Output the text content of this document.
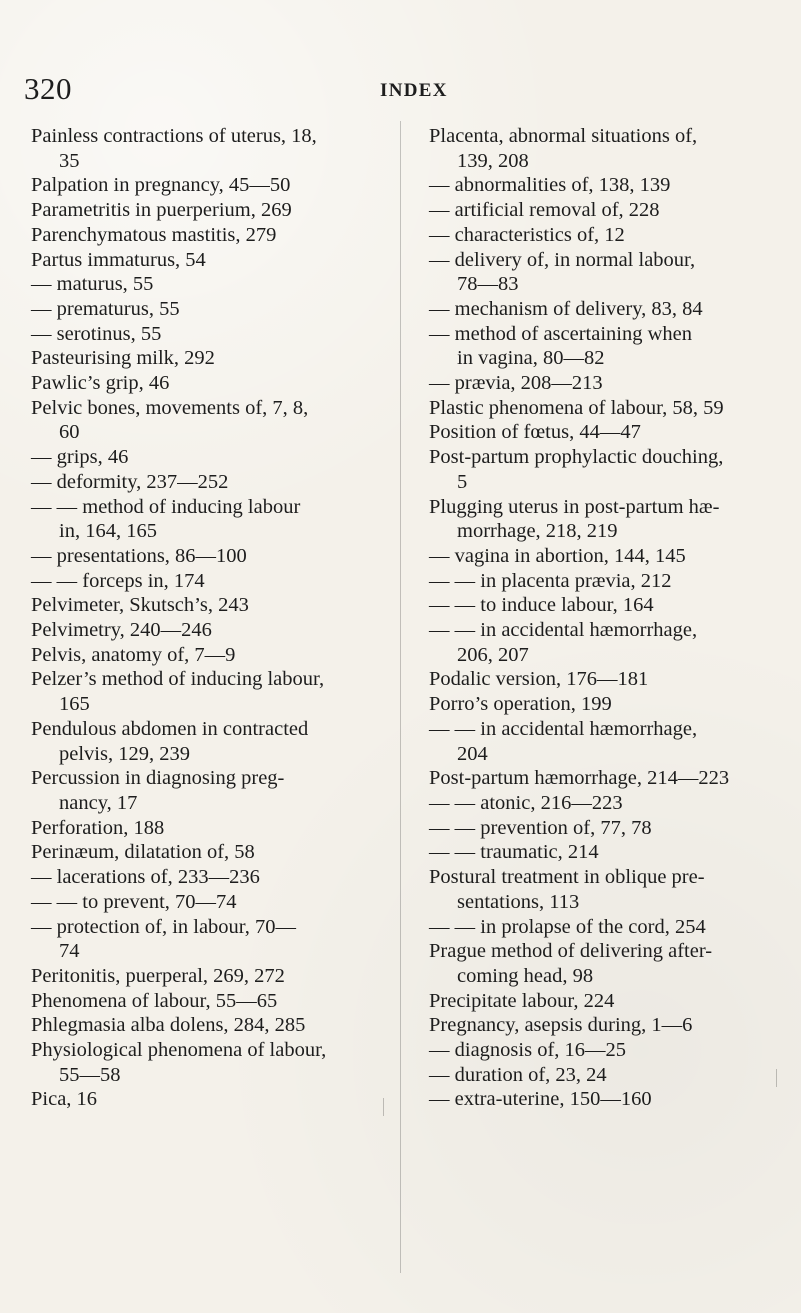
320	INDEX

Painless contractions of uterus, 18,

35

Palpation in pregnancy, 45—50

Parametritis in puerperium, 269

Parenchymatous mastitis, 279

Partus immaturus, 54

— maturus, 55

— prematurus, 55

— serotinus, 55

Pasteurising milk, 292

Pawlic’s grip, 46

Pelvic bones, movements of, 7, 8,

60

— grips, 46

— deformity, 237—252

— — method of inducing labour

in, 164, 165

— presentations, 86—100

— — forceps in, 174

Pelvimeter, Skutsch’s, 243

Pelvimetry, 240—246

Pelvis, anatomy of, 7—9

Pelzer’s method of inducing labour,

165

Pendulous abdomen in contracted

pelvis, 129, 239

Percussion in diagnosing preg-

nancy, 17

Perforation, 188

Perinæum, dilatation of, 58

— lacerations of, 233—236

— — to prevent, 70—74

— protection of, in labour, 70—

74

Peritonitis, puerperal, 269, 272

Phenomena of labour, 55—65

Phlegmasia alba dolens, 284, 285

Physiological phenomena of labour,

55—58

Pica, 16

Placenta, abnormal situations of,

139, 208

— abnormalities of, 138, 139

— artificial removal of, 228

— characteristics of, 12

— delivery of, in normal labour,

78—83

— mechanism of delivery, 83, 84

— method of ascertaining when

in vagina, 80—82

— prævia, 208—213

Plastic phenomena of labour, 58, 59

Position of fœtus, 44—47

Post-partum prophylactic douching,

5

Plugging uterus in post-partum hæ-

morrhage, 218, 219

— vagina in abortion, 144, 145

— — in placenta prævia, 212

— — to induce labour, 164

— — in accidental hæmorrhage,

206, 207

Podalic version, 176—181

Porro’s operation, 199

— — in accidental hæmorrhage,

204

Post-partum hæmorrhage, 214—223

— — atonic, 216—223

— — prevention of, 77, 78

— — traumatic, 214

Postural treatment in oblique pre-

sentations, 113

— — in prolapse of the cord, 254

Prague method of delivering after-

coming head, 98

Precipitate labour, 224

Pregnancy, asepsis during, 1—6

— diagnosis of, 16—25

— duration of, 23, 24

— extra-uterine, 150—160
